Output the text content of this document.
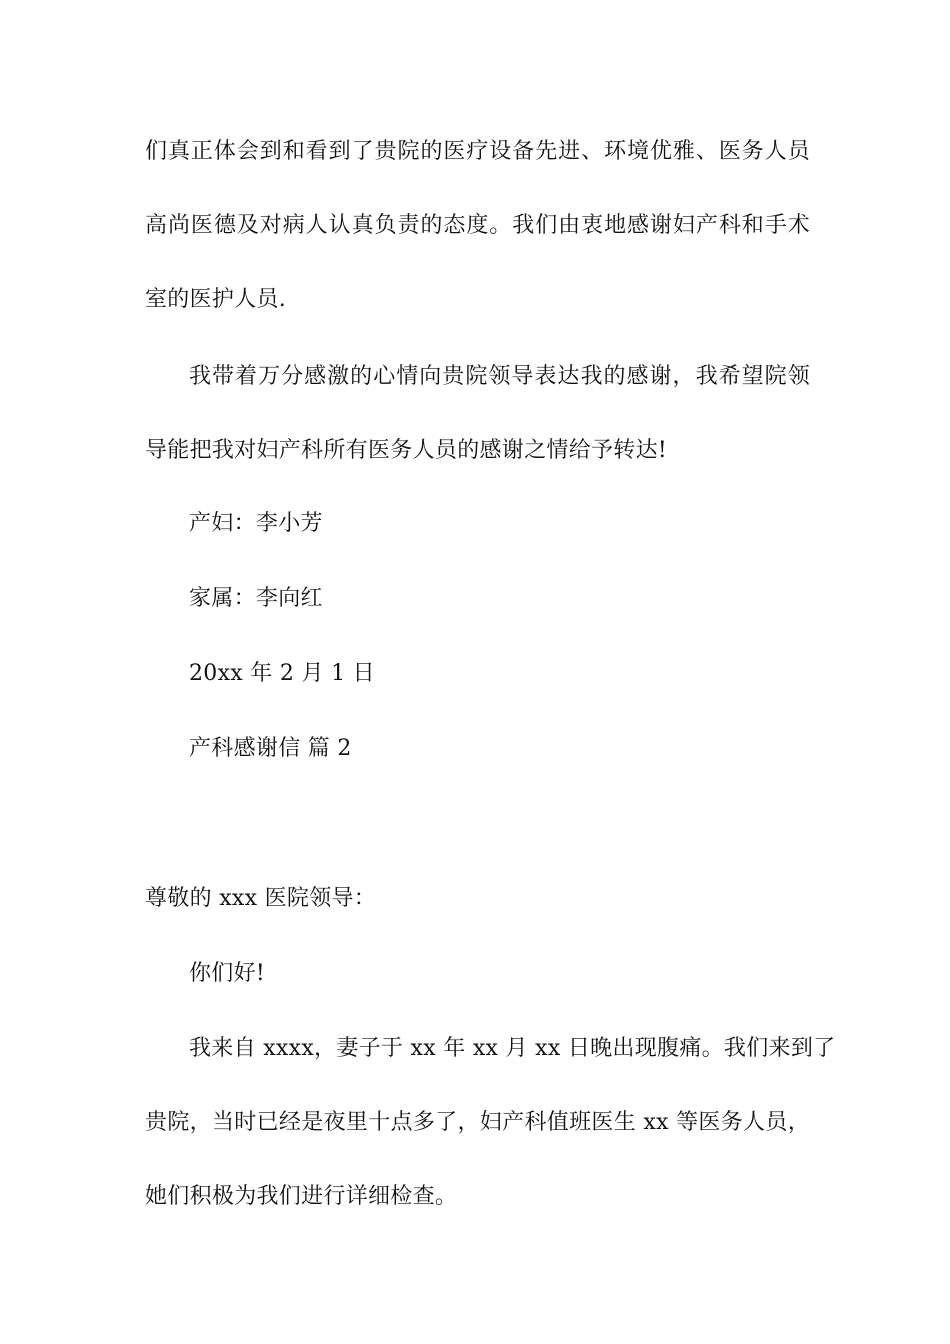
们真正体会到和看到了贵院的医疗设备先进、环境优雅、医务人员
高尚医德及对病人认真负责的态度。我们由衷地感谢妇产科和手术
室的医护人员.
我带着万分感激的心情向贵院领导表达我的感谢，我希望院领
导能把我对妇产科所有医务人员的感谢之情给予转达!
产妇：李小芳
家属：李向红
20xx 年 2 月 1 日
产科感谢信 篇 2
尊敬的 xxx 医院领导：
你们好!
我来自 xxxx，妻子于 xx 年 xx 月 xx 日晚出现腹痛。我们来到了
贵院，当时已经是夜里十点多了，妇产科值班医生 xx 等医务人员，
她们积极为我们进行详细检查。
